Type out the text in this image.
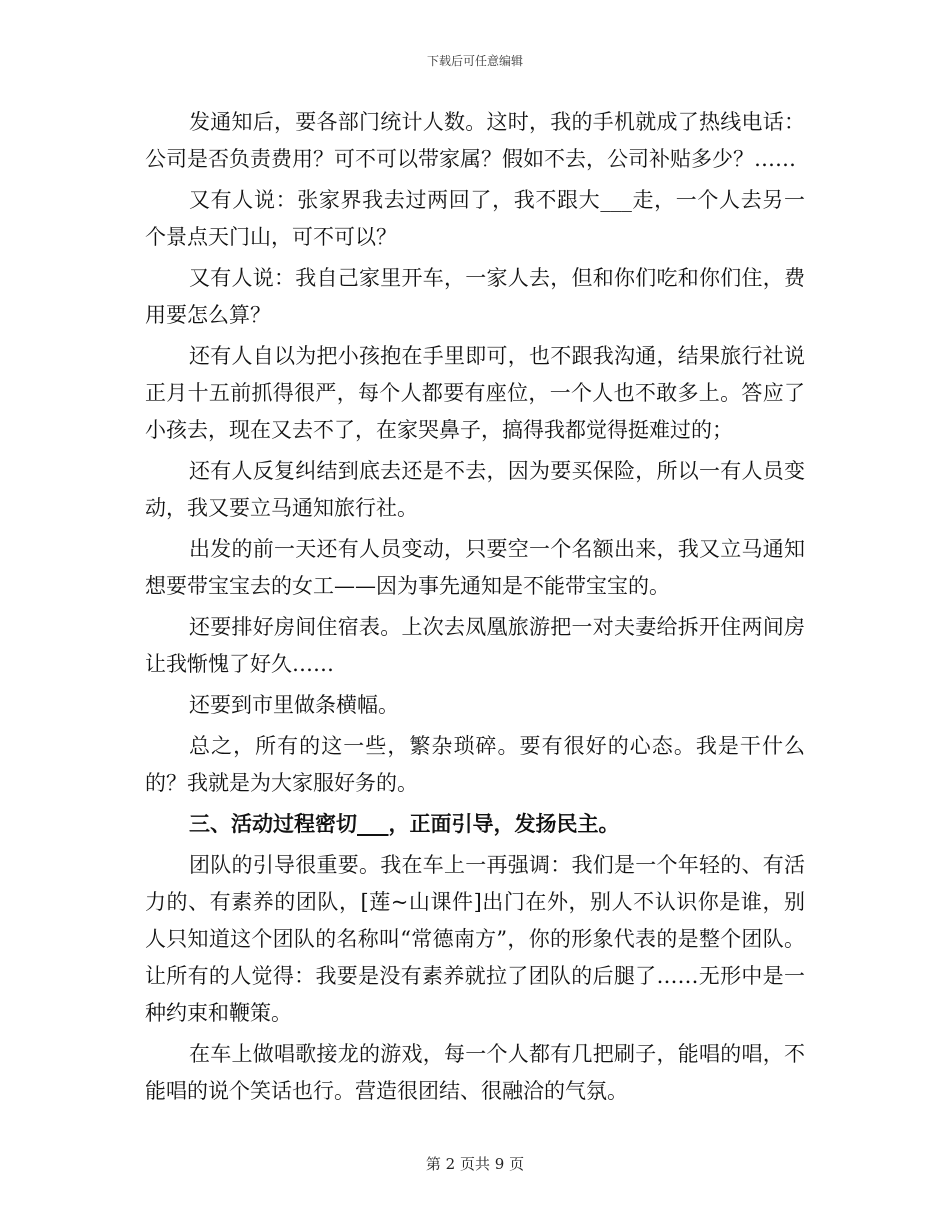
下载后可任意编辑

发通知后，要各部门统计人数。这时，我的手机就成了热线电话：公司是否负责费用？可不可以带家属？假如不去，公司补贴多少？……

又有人说：张家界我去过两回了，我不跟大___走，一个人去另一个景点天门山，可不可以？

又有人说：我自己家里开车，一家人去，但和你们吃和你们住，费用要怎么算？

还有人自以为把小孩抱在手里即可，也不跟我沟通，结果旅行社说正月十五前抓得很严，每个人都要有座位，一个人也不敢多上。答应了小孩去，现在又去不了，在家哭鼻子，搞得我都觉得挺难过的；

还有人反复纠结到底去还是不去，因为要买保险，所以一有人员变动，我又要立马通知旅行社。

出发的前一天还有人员变动，只要空一个名额出来，我又立马通知想要带宝宝去的女工——因为事先通知是不能带宝宝的。

还要排好房间住宿表。上次去凤凰旅游把一对夫妻给拆开住两间房让我惭愧了好久……

还要到市里做条横幅。

总之，所有的这一些，繁杂琐碎。要有很好的心态。我是干什么的？我就是为大家服好务的。

三、活动过程密切___，正面引导，发扬民主。

团队的引导很重要。我在车上一再强调：我们是一个年轻的、有活力的、有素养的团队，[莲~山课件]出门在外，别人不认识你是谁，别人只知道这个团队的名称叫“常德南方”，你的形象代表的是整个团队。让所有的人觉得：我要是没有素养就拉了团队的后腿了……无形中是一种约束和鞭策。

在车上做唱歌接龙的游戏，每一个人都有几把刷子，能唱的唱，不能唱的说个笑话也行。营造很团结、很融洽的气氛。

第 2 页共 9 页
